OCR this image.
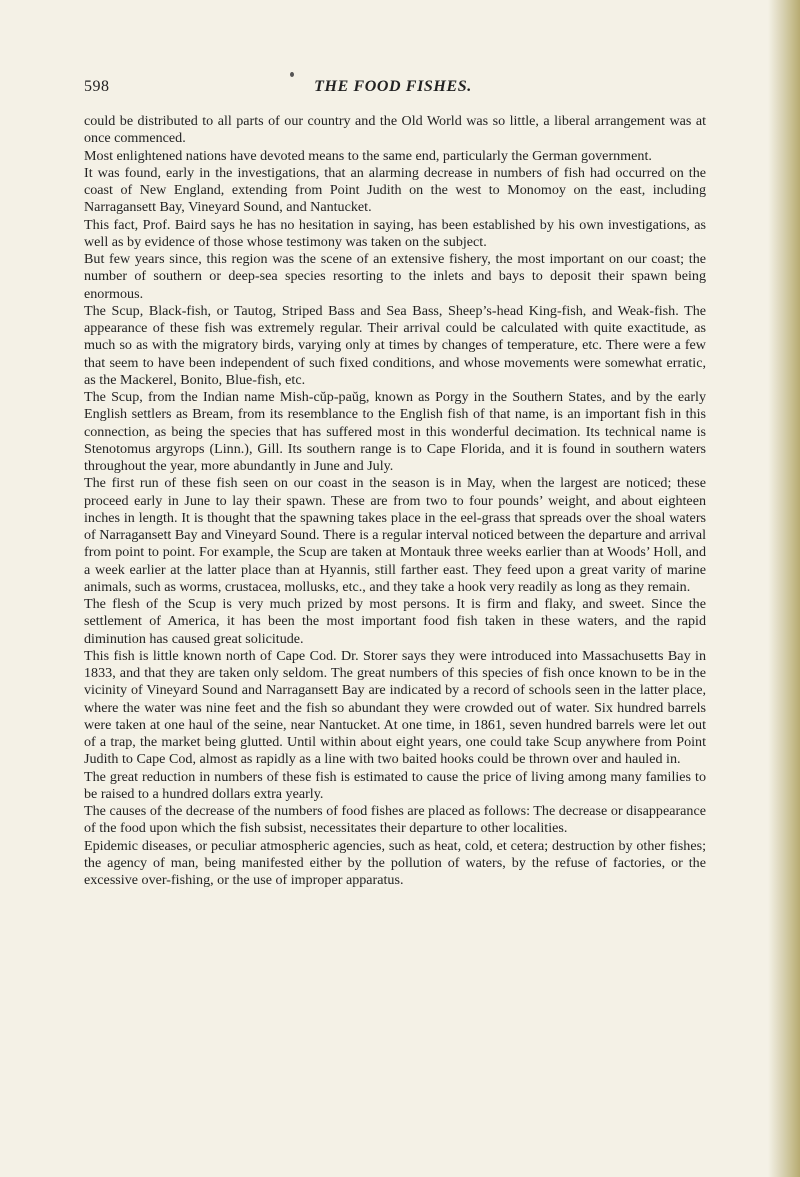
598	THE FOOD FISHES.

could be distributed to all parts of our country and the Old World was so little, a liberal arrangement was at once commenced.

Most enlightened nations have devoted means to the same end, particularly the German government.

It was found, early in the investigations, that an alarming decrease in numbers of fish had occurred on the coast of New England, extending from Point Judith on the west to Monomoy on the east, including Narragansett Bay, Vineyard Sound, and Nantucket.

This fact, Prof. Baird says he has no hesitation in saying, has been established by his own investigations, as well as by evidence of those whose testimony was taken on the subject.

But few years since, this region was the scene of an extensive fishery, the most important on our coast; the number of southern or deep-sea species resorting to the inlets and bays to deposit their spawn being enormous.

The Scup, Black-fish, or Tautog, Striped Bass and Sea Bass, Sheep’s-head King-fish, and Weak-fish. The appearance of these fish was extremely regular. Their arrival could be calculated with quite exactitude, as much so as with the migratory birds, varying only at times by changes of temperature, etc. There were a few that seem to have been independent of such fixed conditions, and whose movements were somewhat erratic, as the Mackerel, Bonito, Blue-fish, etc.

The Scup, from the Indian name Mish-cŭp-paŭg, known as Porgy in the Southern States, and by the early English settlers as Bream, from its resemblance to the English fish of that name, is an important fish in this connection, as being the species that has suffered most in this wonderful decimation. Its technical name is Stenotomus argyrops (Linn.), Gill. Its southern range is to Cape Florida, and it is found in southern waters throughout the year, more abundantly in June and July.

The first run of these fish seen on our coast in the season is in May, when the largest are noticed; these proceed early in June to lay their spawn. These are from two to four pounds’ weight, and about eighteen inches in length. It is thought that the spawning takes place in the eel-grass that spreads over the shoal waters of Narragansett Bay and Vineyard Sound. There is a regular interval noticed between the departure and arrival from point to point. For example, the Scup are taken at Montauk three weeks earlier than at Woods’ Holl, and a week earlier at the latter place than at Hyannis, still farther east. They feed upon a great varity of marine animals, such as worms, crustacea, mollusks, etc., and they take a hook very readily as long as they remain.

The flesh of the Scup is very much prized by most persons. It is firm and flaky, and sweet. Since the settlement of America, it has been the most important food fish taken in these waters, and the rapid diminution has caused great solicitude.

This fish is little known north of Cape Cod. Dr. Storer says they were introduced into Massachusetts Bay in 1833, and that they are taken only seldom. The great numbers of this species of fish once known to be in the vicinity of Vineyard Sound and Narragansett Bay are indicated by a record of schools seen in the latter place, where the water was nine feet and the fish so abundant they were crowded out of water. Six hundred barrels were taken at one haul of the seine, near Nantucket. At one time, in 1861, seven hundred barrels were let out of a trap, the market being glutted. Until within about eight years, one could take Scup anywhere from Point Judith to Cape Cod, almost as rapidly as a line with two baited hooks could be thrown over and hauled in.

The great reduction in numbers of these fish is estimated to cause the price of living among many families to be raised to a hundred dollars extra yearly.

The causes of the decrease of the numbers of food fishes are placed as follows: The decrease or disappearance of the food upon which the fish subsist, necessitates their departure to other localities.

Epidemic diseases, or peculiar atmospheric agencies, such as heat, cold, et cetera; destruction by other fishes; the agency of man, being manifested either by the pollution of waters, by the refuse of factories, or the excessive over-fishing, or the use of improper apparatus.
